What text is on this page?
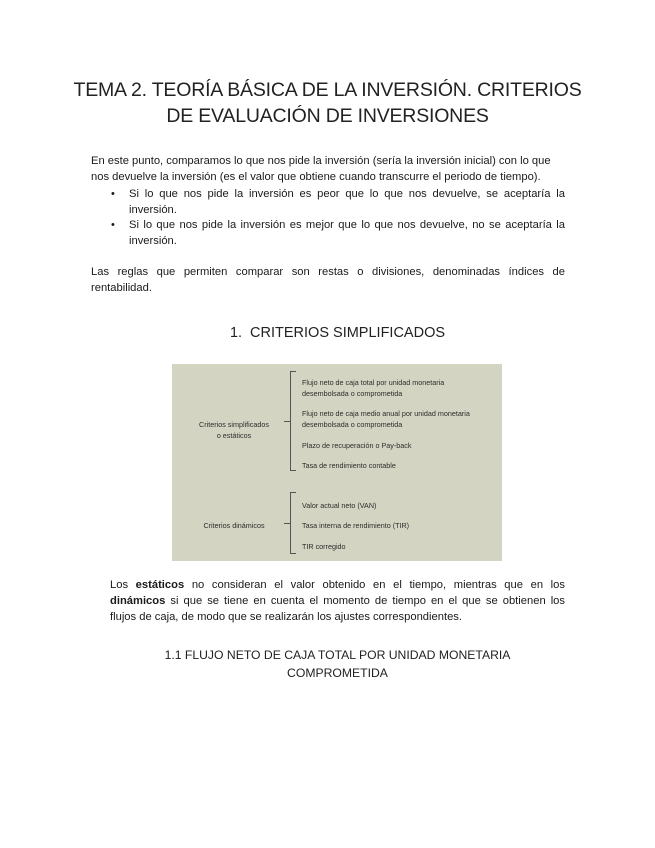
TEMA 2. TEORÍA BÁSICA DE LA INVERSIÓN. CRITERIOS
DE EVALUACIÓN DE INVERSIONES
En este punto, comparamos lo que nos pide la inversión (sería la inversión inicial) con lo que
nos devuelve la inversión (es el valor que obtiene cuando transcurre el periodo de tiempo).
• Si lo que nos pide la inversión es peor que lo que nos devuelve, se aceptaría la inversión.
• Si lo que nos pide la inversión es mejor que lo que nos devuelve, no se aceptaría la inversión.
Las reglas que permiten comparar son restas o divisiones, denominadas índices de
rentabilidad.
1. CRITERIOS SIMPLIFICADOS
Criterios simplificados
o estáticos
Criterios dinámicos
Flujo neto de caja total por unidad monetaria
desembolsada o comprometida
Flujo neto de caja medio anual por unidad monetaria
desembolsada o comprometida
Plazo de recuperación o Pay-back
Tasa de rendimiento contable
Valor actual neto (VAN)
Tasa interna de rendimiento (TIR)
TIR corregido
Los estáticos no consideran el valor obtenido en el tiempo, mientras que en los
dinámicos si que se tiene en cuenta el momento de tiempo en el que se obtienen los
flujos de caja, de modo que se realizarán los ajustes correspondientes.
1.1 FLUJO NETO DE CAJA TOTAL POR UNIDAD MONETARIA
COMPROMETIDA
